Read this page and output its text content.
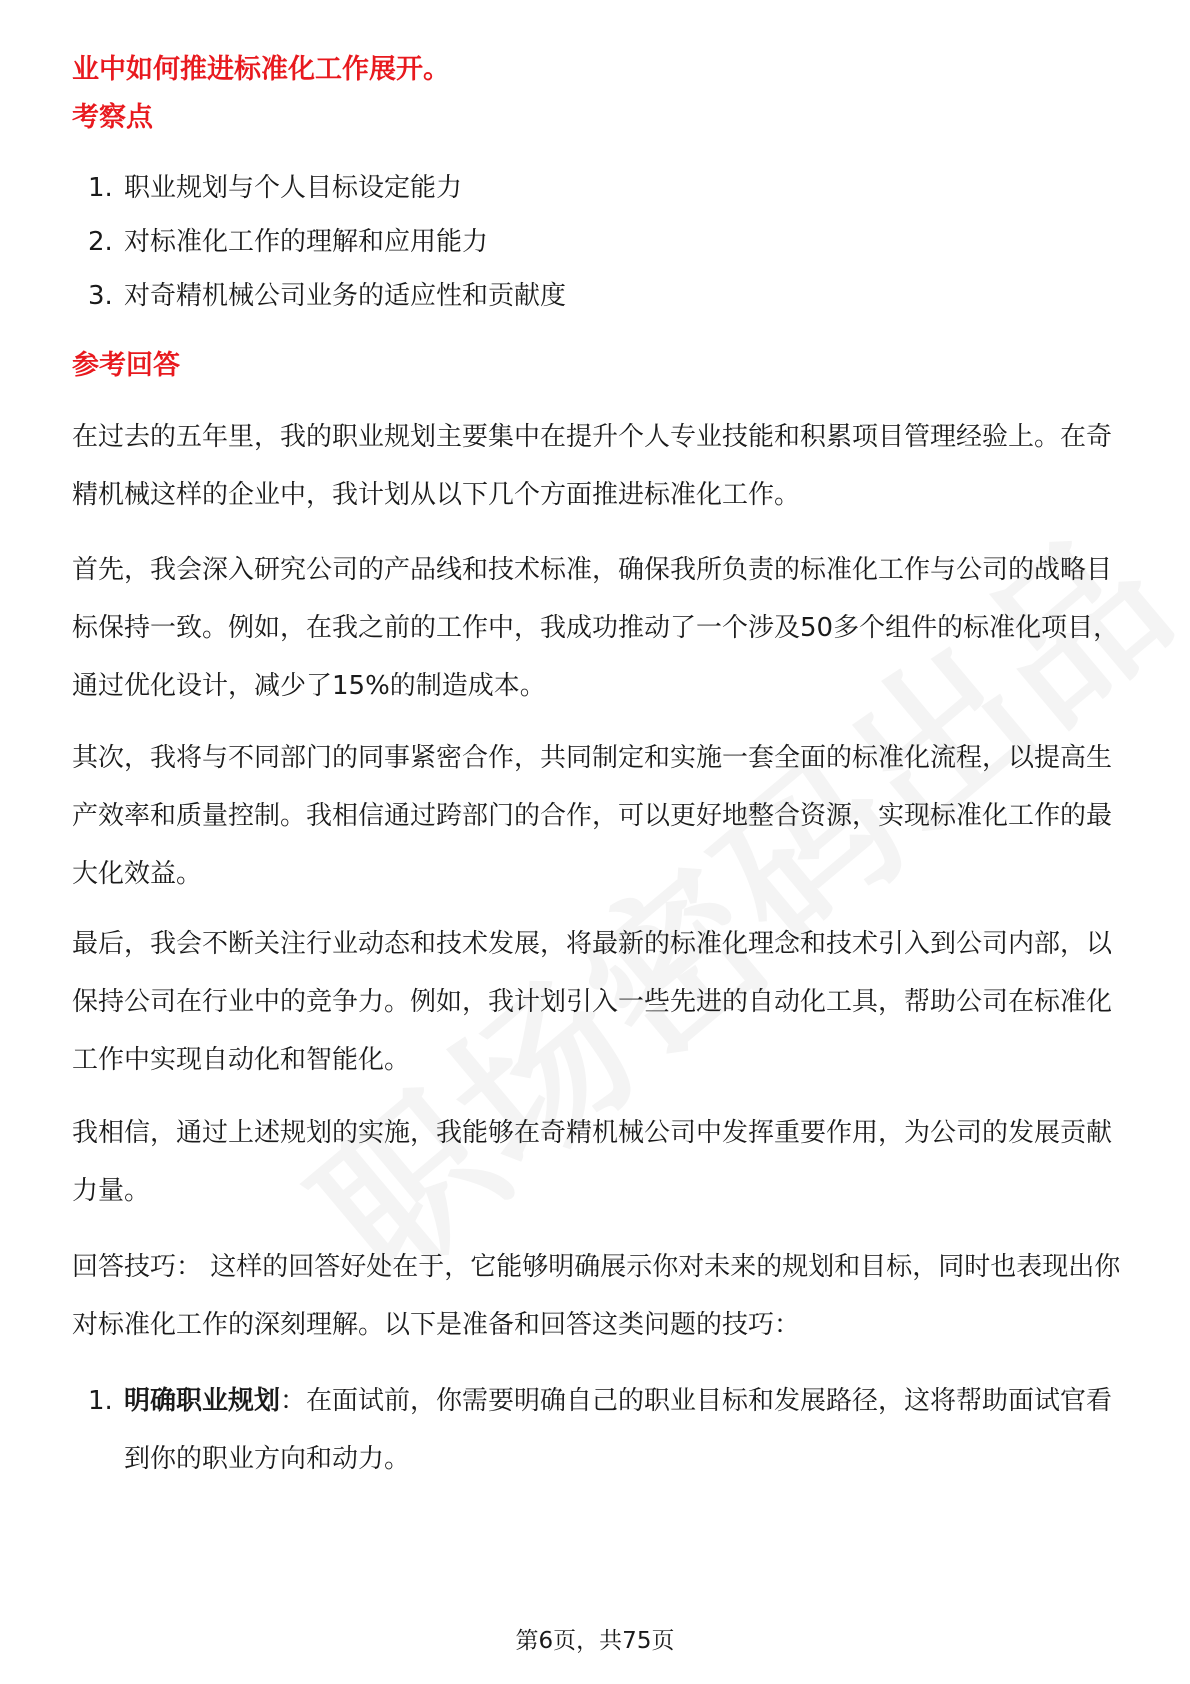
业中如何推进标准化工作展开。
考察点
1. 职业规划与个人目标设定能力
2. 对标准化工作的理解和应用能力
3. 对奇精机械公司业务的适应性和贡献度
参考回答

在过去的五年里，我的职业规划主要集中在提升个人专业技能和积累项目管理经验上。在奇精机械这样的企业中，我计划从以下几个方面推进标准化工作。

首先，我会深入研究公司的产品线和技术标准，确保我所负责的标准化工作与公司的战略目标保持一致。例如，在我之前的工作中，我成功推动了一个涉及50多个组件的标准化项目，通过优化设计，减少了15%的制造成本。

其次，我将与不同部门的同事紧密合作，共同制定和实施一套全面的标准化流程，以提高生产效率和质量控制。我相信通过跨部门的合作，可以更好地整合资源，实现标准化工作的最大化效益。

最后，我会不断关注行业动态和技术发展，将最新的标准化理念和技术引入到公司内部，以保持公司在行业中的竞争力。例如，我计划引入一些先进的自动化工具，帮助公司在标准化工作中实现自动化和智能化。

我相信，通过上述规划的实施，我能够在奇精机械公司中发挥重要作用，为公司的发展贡献力量。

回答技巧： 这样的回答好处在于，它能够明确展示你对未来的规划和目标，同时也表现出你对标准化工作的深刻理解。以下是准备和回答这类问题的技巧：

1. 明确职业规划：在面试前，你需要明确自己的职业目标和发展路径，这将帮助面试官看到你的职业方向和动力。
第6页，共75页
